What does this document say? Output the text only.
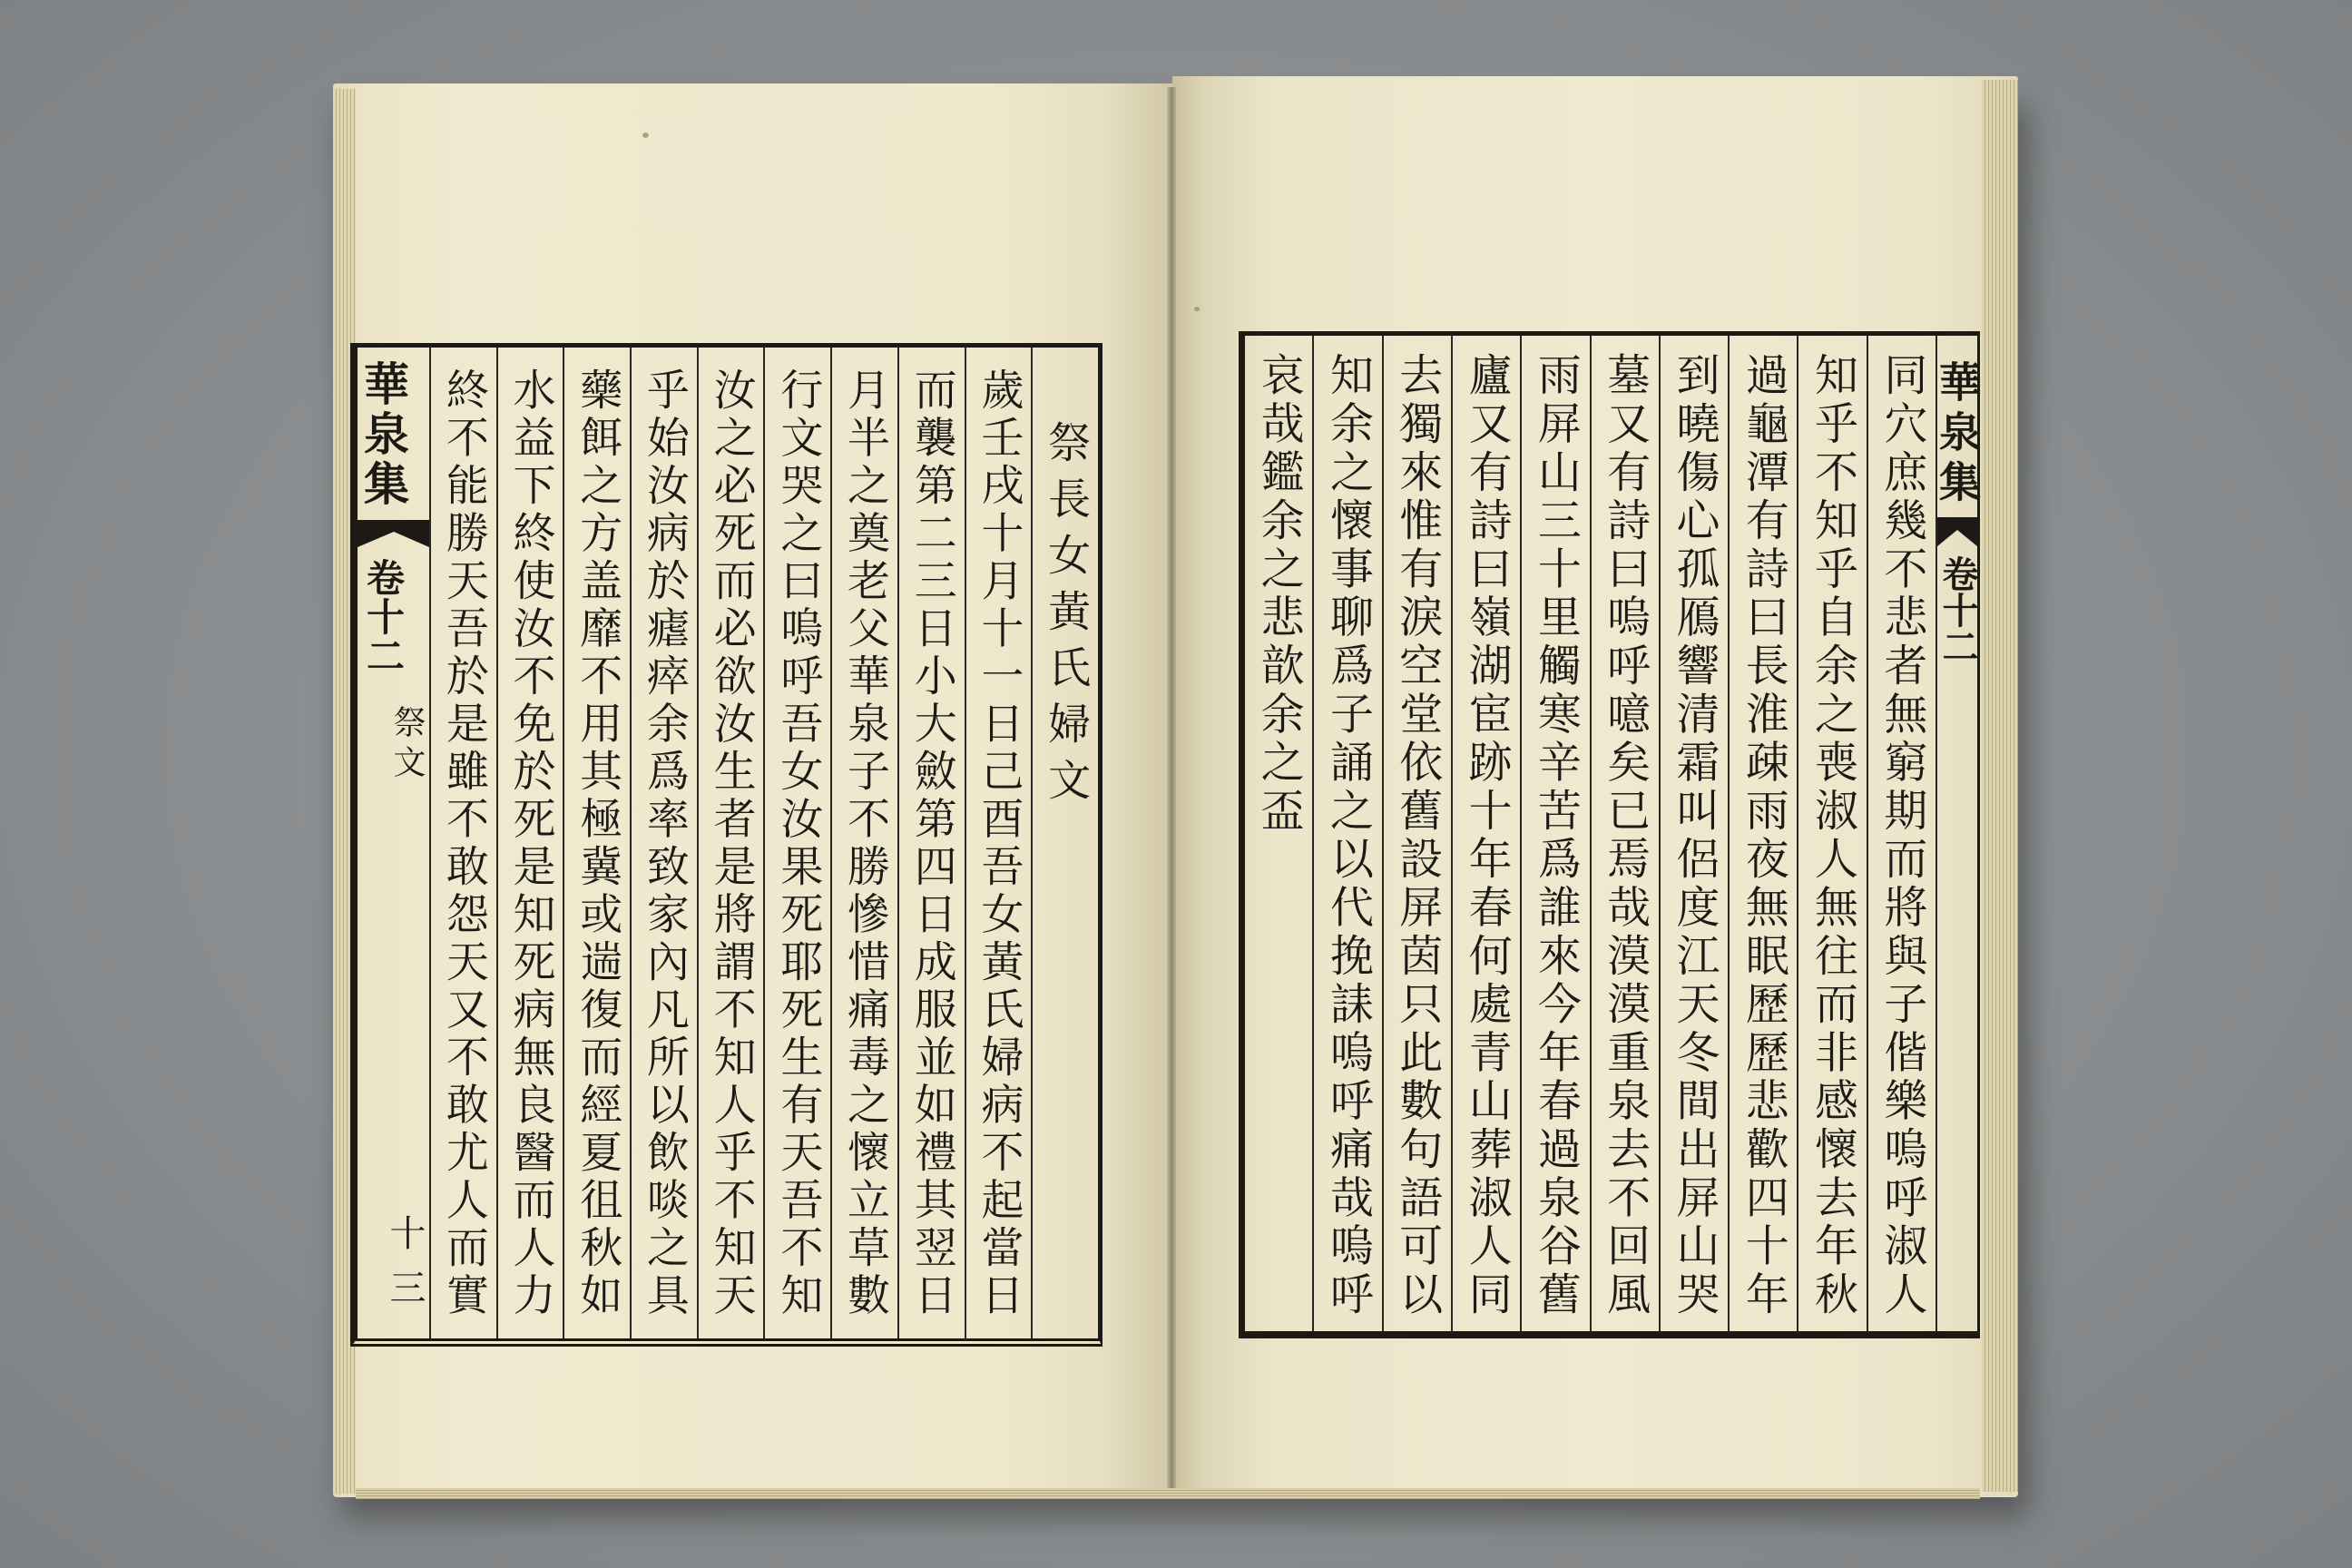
華泉集
卷十二
祭文
十三
祭長女黃氏婦文
歲壬戌十月十一日己酉吾女黃氏婦病不起當日
而襲第二三日小大斂第四日成服並如禮其翌日
月半之奠老父華泉子不勝慘惜痛毒之懷立草數
行文哭之曰嗚呼吾女汝果死耶死生有天吾不知
汝之必死而必欲汝生者是將謂不知人乎不知天
乎始汝病於瘧瘁余爲率致家內凡所以飲啖之具
藥餌之方盖靡不用其極冀或遄復而經夏徂秋如
水益下終使汝不免於死是知死病無良醫而人力
終不能勝天吾於是雖不敢怨天又不敢尤人而實	同穴庶幾不悲者無窮期而將與子偕樂嗚呼淑人
知乎不知乎自余之喪淑人無往而非感懷去年秋
過龜潭有詩曰長淮疎雨夜無眠歷歷悲歡四十年
到曉傷心孤鴈響清霜叫侶度江天冬間出屏山哭
墓又有詩曰嗚呼噫矣已焉哉漠漠重泉去不回風
雨屏山三十里觸寒辛苦爲誰來今年春過泉谷舊
廬又有詩曰嶺湖宦跡十年春何處青山葬淑人同
去獨來惟有淚空堂依舊設屏茵只此數句語可以
知余之懷事聊爲子誦之以代挽誄嗚呼痛哉嗚呼
哀哉鑑余之悲歆余之盃	華泉集
卷十二
